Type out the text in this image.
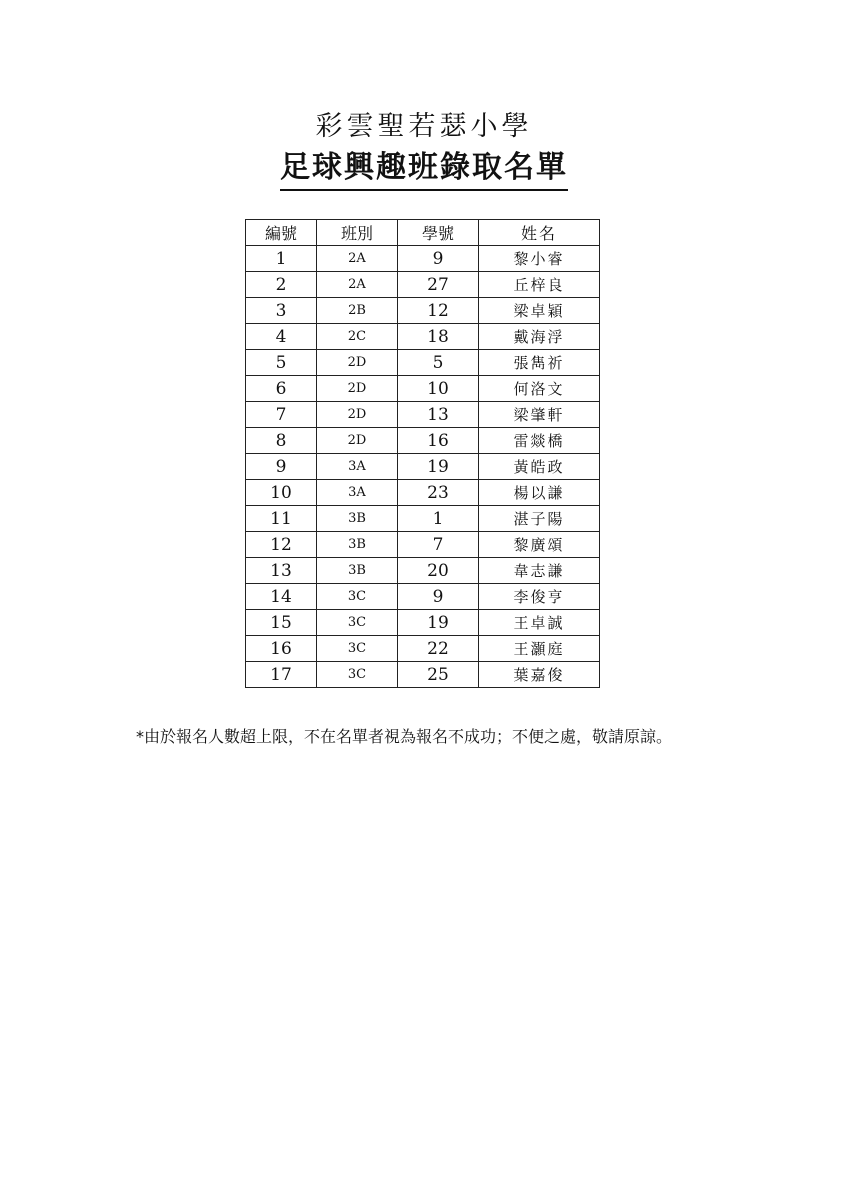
彩雲聖若瑟小學
足球興趣班錄取名單
編號	班別	學號	姓名
1	2A	9	黎小睿
2	2A	27	丘梓良
3	2B	12	梁卓穎
4	2C	18	戴海浮
5	2D	5	張雋祈
6	2D	10	何洛文
7	2D	13	梁肇軒
8	2D	16	雷燚橋
9	3A	19	黃皓政
10	3A	23	楊以謙
11	3B	1	湛子陽
12	3B	7	黎廣頌
13	3B	20	韋志謙
14	3C	9	李俊亨
15	3C	19	王卓誠
16	3C	22	王灝庭
17	3C	25	葉嘉俊
*由於報名人數超上限，不在名單者視為報名不成功；不便之處，敬請原諒。
